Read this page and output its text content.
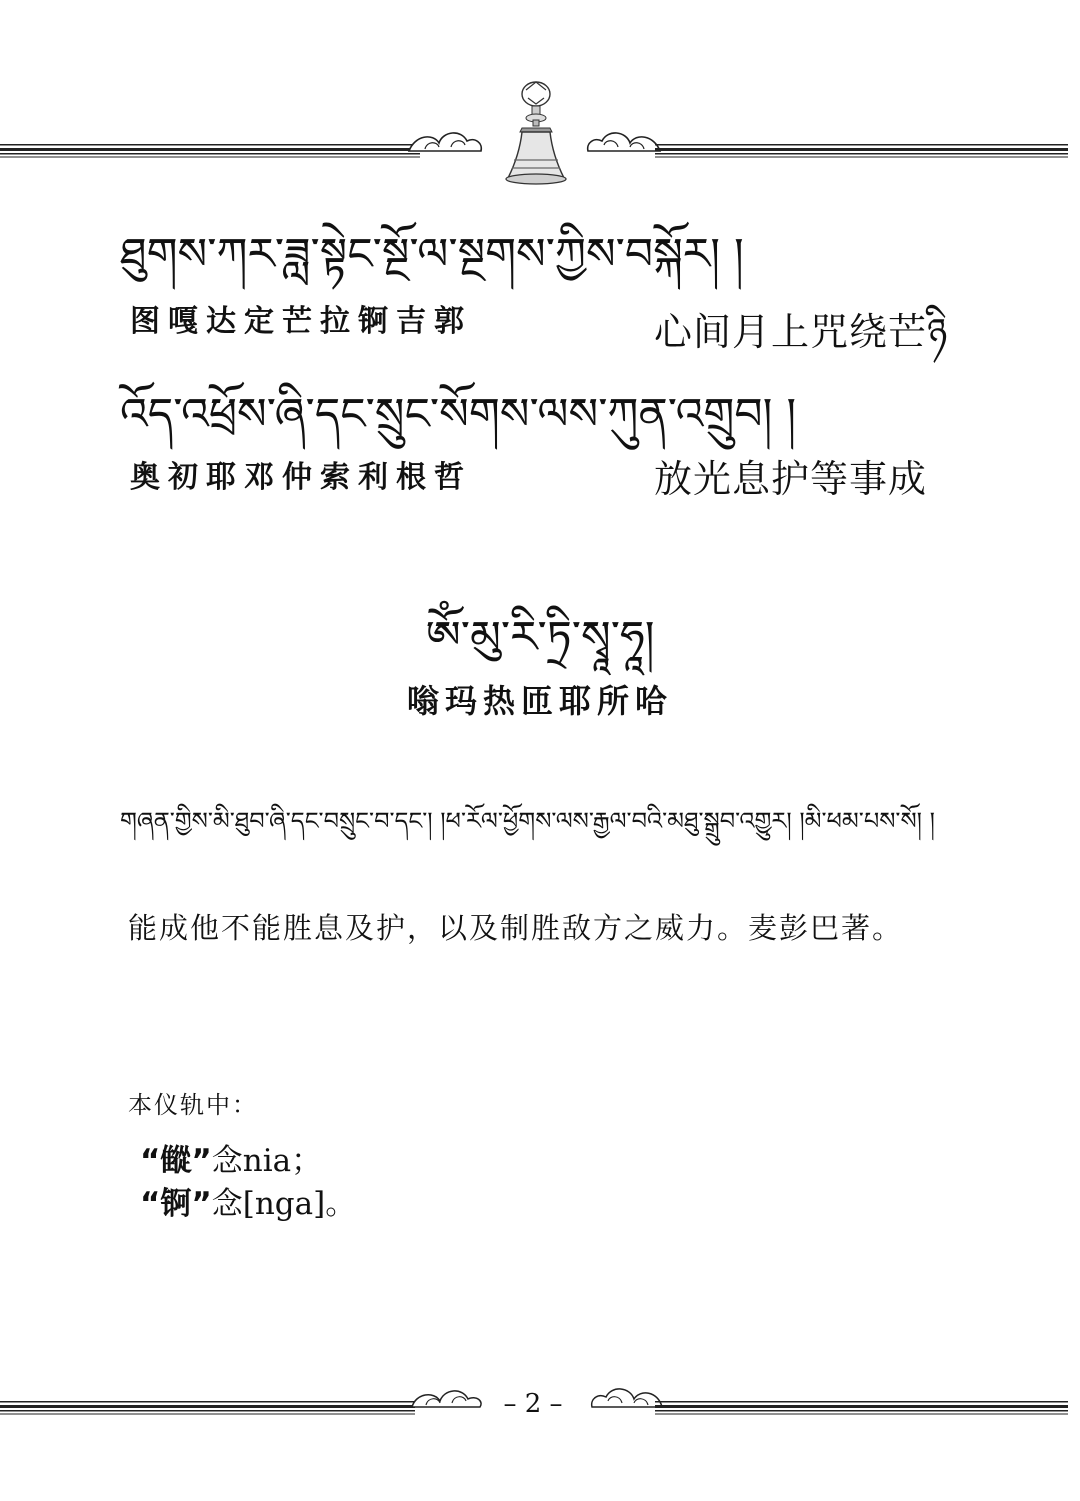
ཐུགས་ཀར་ཟླ་སྟེང་སྔོ་ལ་སྔགས་ཀྱིས་བསྐོར། །
图嘎达定芒拉锕吉郭	心间月上咒绕芒ཉི
འོད་འཕྲོས་ཞི་དང་སྲུང་སོགས་ལས་ཀུན་འགྲུབ། །
奥初耶邓仲索利根哲	放光息护等事成
ཨོཾ་མུ་རི་ཏྲི་སྭཱ་ཧཱ།
嗡玛热匝耶所哈
གཞན་གྱིས་མི་ཐུབ་ཞི་དང་བསྲུང་བ་དང་། །ཕ་རོལ་ཕྱོགས་ལས་རྒྱལ་བའི་མཐུ་སྒྲུབ་འགྱུར། །མི་ཕམ་པས་སོ། །
能成他不能胜息及护，以及制胜敌方之威力。麦彭巴著。
本仪轨中：
“𩀨”念nia；
“锕”念[nga]。
– 2 –
